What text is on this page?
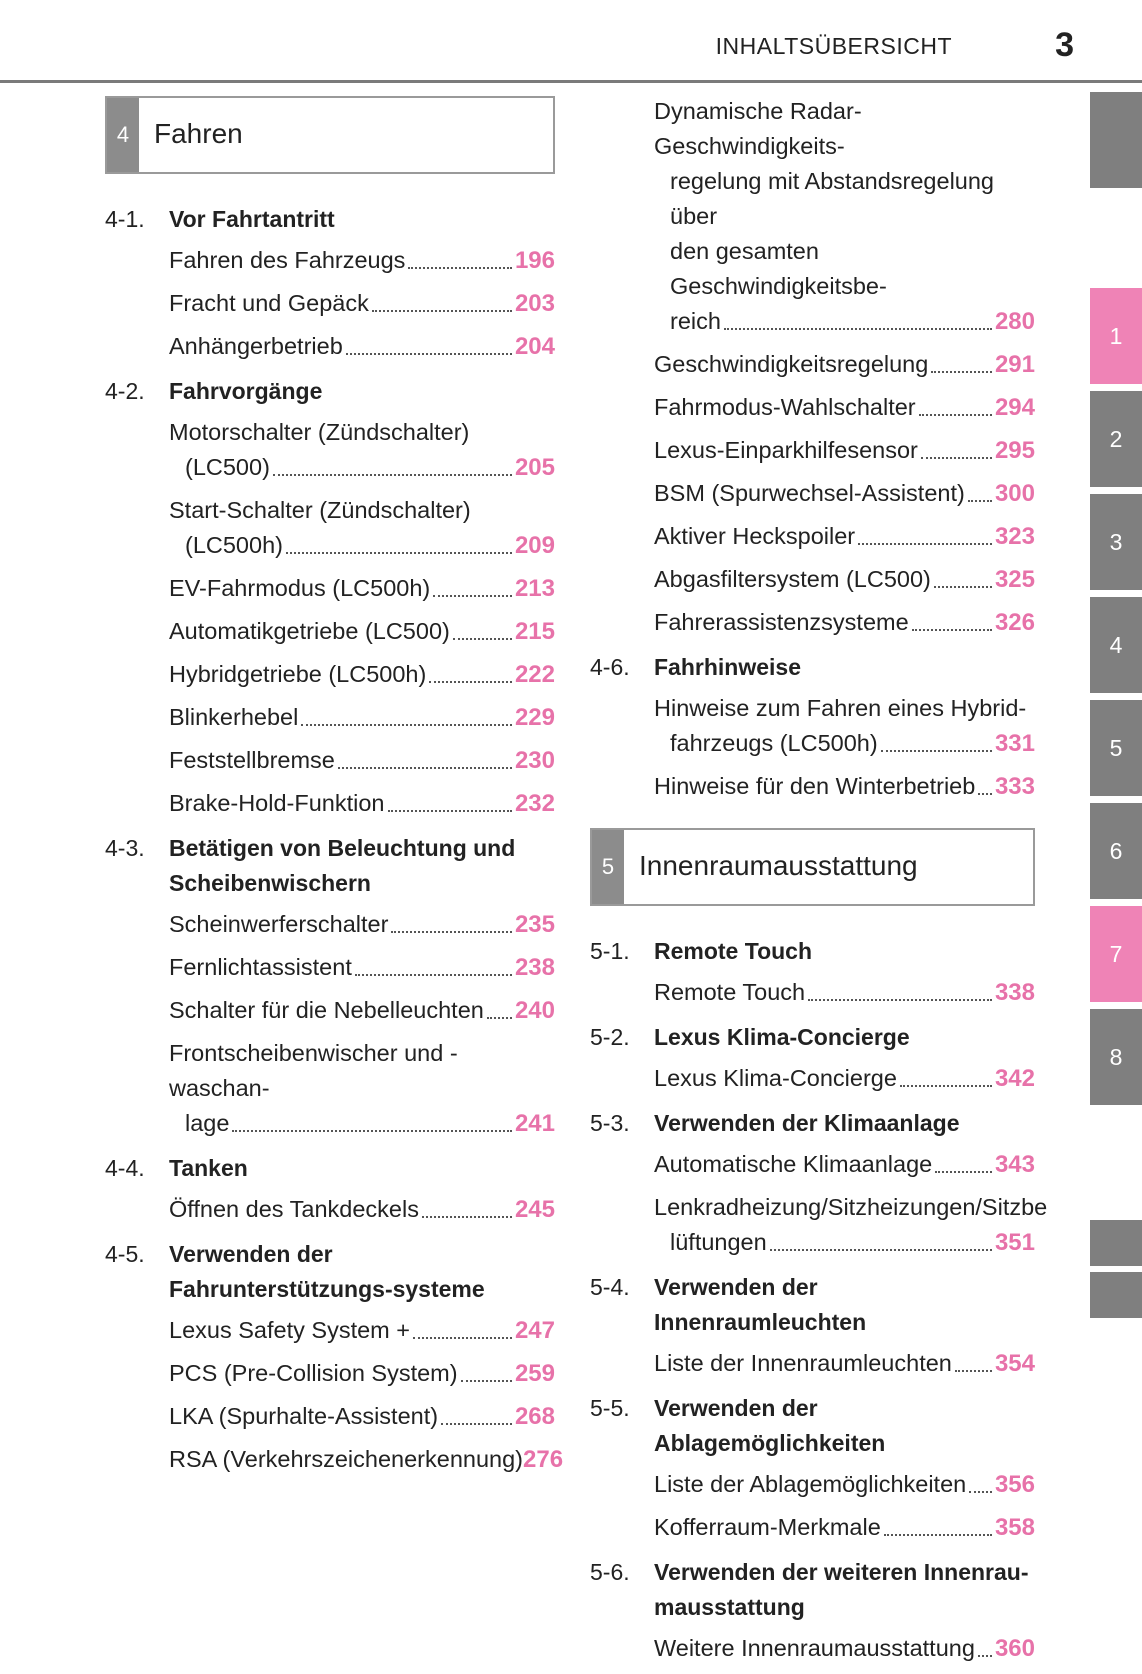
INHALTSÜBERSICHT	3
4 Fahren
4-1.	Vor Fahrtantritt
Fahren des Fahrzeugs	196
Fracht und Gepäck	203
Anhängerbetrieb	204
4-2.	Fahrvorgänge
Motorschalter (Zündschalter)
(LC500)	205
Start-Schalter (Zündschalter)
(LC500h)	209
EV-Fahrmodus (LC500h)	213
Automatikgetriebe (LC500)	215
Hybridgetriebe (LC500h)	222
Blinkerhebel	229
Feststellbremse	230
Brake-Hold-Funktion	232
4-3.	Betätigen von Beleuchtung und Scheibenwischern
Scheinwerferschalter	235
Fernlichtassistent	238
Schalter für die Nebelleuchten 240
Frontscheibenwischer und -waschan-
lage	241
4-4.	Tanken
Öffnen des Tankdeckels	245
4-5.	Verwenden der Fahrunterstützungs-systeme
Lexus Safety System +	247
PCS (Pre-Collision System) 259
LKA (Spurhalte-Assistent)	268
RSA (Verkehrszeichenerkennung) 276
Dynamische Radar-Geschwindigkeits-
regelung mit Abstandsregelung über
den gesamten Geschwindigkeitsbe-
reich	280
Geschwindigkeitsregelung	291
Fahrmodus-Wahlschalter	294
Lexus-Einparkhilfesensor	295
BSM (Spurwechsel-Assistent) 300
Aktiver Heckspoiler	323
Abgasfiltersystem (LC500)	325
Fahrerassistenzsysteme	326
4-6.	Fahrhinweise
Hinweise zum Fahren eines Hybrid-
fahrzeugs (LC500h)	331
Hinweise für den Winterbetrieb 333
5 Innenraumausstattung
5-1.	Remote Touch
Remote Touch	338
5-2.	Lexus Klima-Concierge
Lexus Klima-Concierge	342
5-3.	Verwenden der Klimaanlage
Automatische Klimaanlage	343
Lenkradheizung/Sitzheizungen/Sitzbe
lüftungen	351
5-4.	Verwenden der Innenraumleuchten
Liste der Innenraumleuchten 354
5-5.	Verwenden der Ablagemöglichkeiten
Liste der Ablagemöglichkeiten 356
Kofferraum-Merkmale	358
5-6.	Verwenden der weiteren Innenrau-mausstattung
Weitere Innenraumausstattung 360
1
2
3
4
5
6
7
8
